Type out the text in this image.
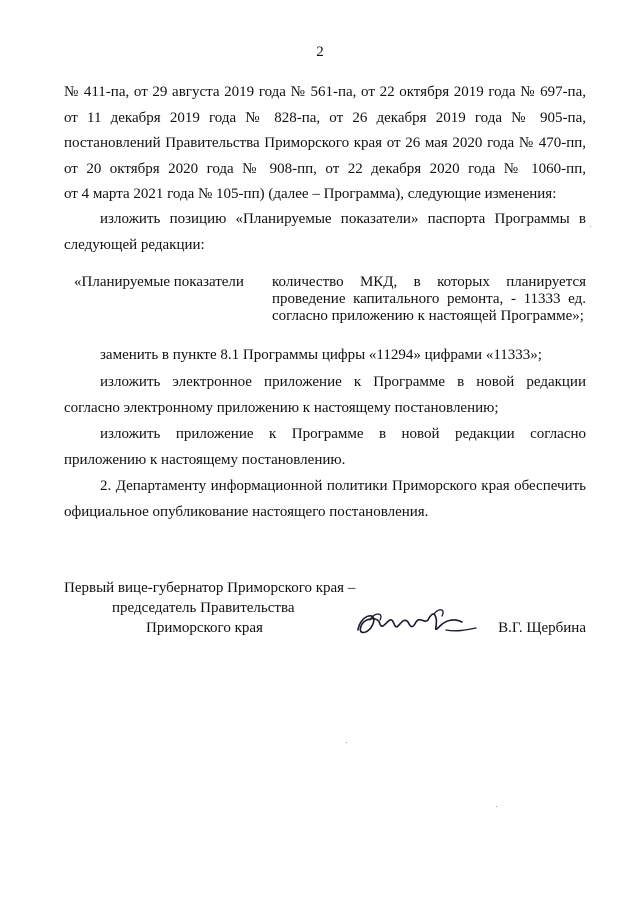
2

№ 411-па, от 29 августа 2019 года № 561-па, от 22 октября 2019 года № 697-па,

от 11 декабря 2019 года № 828-па, от 26 декабря 2019 года № 905-па,

постановлений Правительства Приморского края от 26 мая 2020 года № 470-пп,

от 20 октября 2020 года № 908-пп, от 22 декабря 2020 года № 1060-пп,

от 4 марта 2021 года № 105-пп) (далее – Программа), следующие изменения:

изложить позицию «Планируемые показатели» паспорта Программы в следующей редакции:

«Планируемые показатели	количество МКД, в которых планируется проведение капитального ремонта, - 11333 ед. согласно приложению к настоящей Программе»;

заменить в пункте 8.1 Программы цифры «11294» цифрами «11333»;

изложить электронное приложение к Программе в новой редакции согласно электронному приложению к настоящему постановлению;

изложить приложение к Программе в новой редакции согласно приложению к настоящему постановлению.

2. Департаменту информационной политики Приморского края обеспечить официальное опубликование настоящего постановления.

Первый вице-губернатор Приморского края –
председатель Правительства
Приморского края	В.Г. Щербина
